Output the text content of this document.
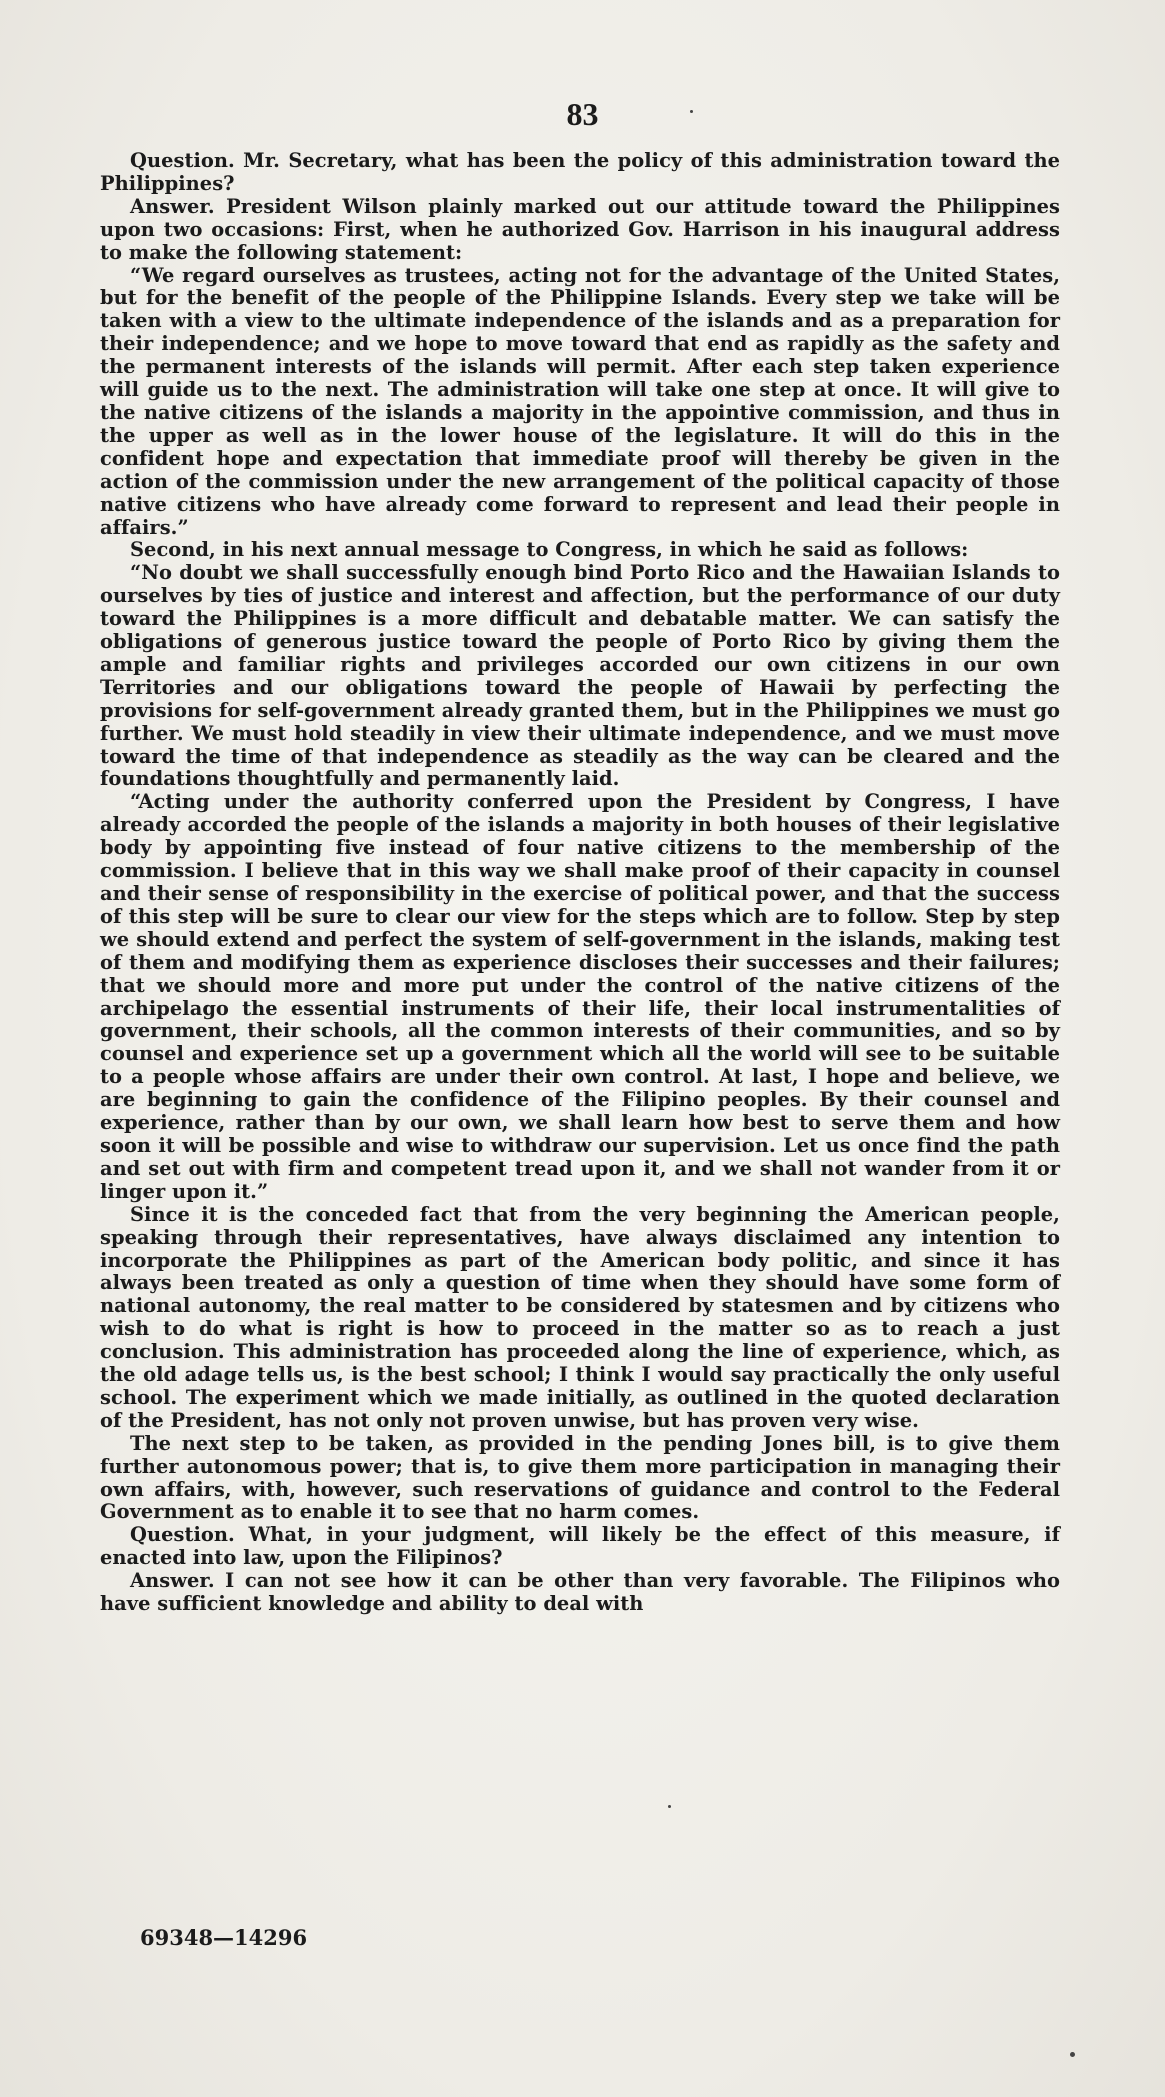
83

Question. Mr. Secretary, what has been the policy of this administration toward the Philippines?

Answer. President Wilson plainly marked out our attitude toward the Philippines upon two occasions: First, when he authorized Gov. Harrison in his inaugural address to make the following statement:

“We regard ourselves as trustees, acting not for the advantage of the United States, but for the benefit of the people of the Philippine Islands. Every step we take will be taken with a view to the ultimate independence of the islands and as a preparation for their independence; and we hope to move toward that end as rapidly as the safety and the permanent interests of the islands will permit. After each step taken experience will guide us to the next. The administration will take one step at once. It will give to the native citizens of the islands a majority in the appointive commission, and thus in the upper as well as in the lower house of the legislature. It will do this in the confident hope and expectation that immediate proof will thereby be given in the action of the commission under the new arrangement of the political capacity of those native citizens who have already come forward to represent and lead their people in affairs.”

Second, in his next annual message to Congress, in which he said as follows:

“No doubt we shall successfully enough bind Porto Rico and the Hawaiian Islands to ourselves by ties of justice and interest and affection, but the performance of our duty toward the Philippines is a more difficult and debatable matter. We can satisfy the obligations of generous justice toward the people of Porto Rico by giving them the ample and familiar rights and privileges accorded our own citizens in our own Territories and our obligations toward the people of Hawaii by perfecting the provisions for self-government already granted them, but in the Philippines we must go further. We must hold steadily in view their ultimate independence, and we must move toward the time of that independence as steadily as the way can be cleared and the foundations thoughtfully and permanently laid.

“Acting under the authority conferred upon the President by Congress, I have already accorded the people of the islands a majority in both houses of their legislative body by appointing five instead of four native citizens to the membership of the commission. I believe that in this way we shall make proof of their capacity in counsel and their sense of responsibility in the exercise of political power, and that the success of this step will be sure to clear our view for the steps which are to follow. Step by step we should extend and perfect the system of self-government in the islands, making test of them and modifying them as experience discloses their successes and their failures; that we should more and more put under the control of the native citizens of the archipelago the essential instruments of their life, their local instrumentalities of government, their schools, all the common interests of their communities, and so by counsel and experience set up a government which all the world will see to be suitable to a people whose affairs are under their own control. At last, I hope and believe, we are beginning to gain the confidence of the Filipino peoples. By their counsel and experience, rather than by our own, we shall learn how best to serve them and how soon it will be possible and wise to withdraw our supervision. Let us once find the path and set out with firm and competent tread upon it, and we shall not wander from it or linger upon it.”

Since it is the conceded fact that from the very beginning the American people, speaking through their representatives, have always disclaimed any intention to incorporate the Philippines as part of the American body politic, and since it has always been treated as only a question of time when they should have some form of national autonomy, the real matter to be considered by statesmen and by citizens who wish to do what is right is how to proceed in the matter so as to reach a just conclusion. This administration has proceeded along the line of experience, which, as the old adage tells us, is the best school; I think I would say practically the only useful school. The experiment which we made initially, as outlined in the quoted declaration of the President, has not only not proven unwise, but has proven very wise.

The next step to be taken, as provided in the pending Jones bill, is to give them further autonomous power; that is, to give them more participation in managing their own affairs, with, however, such reservations of guidance and control to the Federal Government as to enable it to see that no harm comes.

Question. What, in your judgment, will likely be the effect of this measure, if enacted into law, upon the Filipinos?

Answer. I can not see how it can be other than very favorable. The Filipinos who have sufficient knowledge and ability to deal with

69348—14296
